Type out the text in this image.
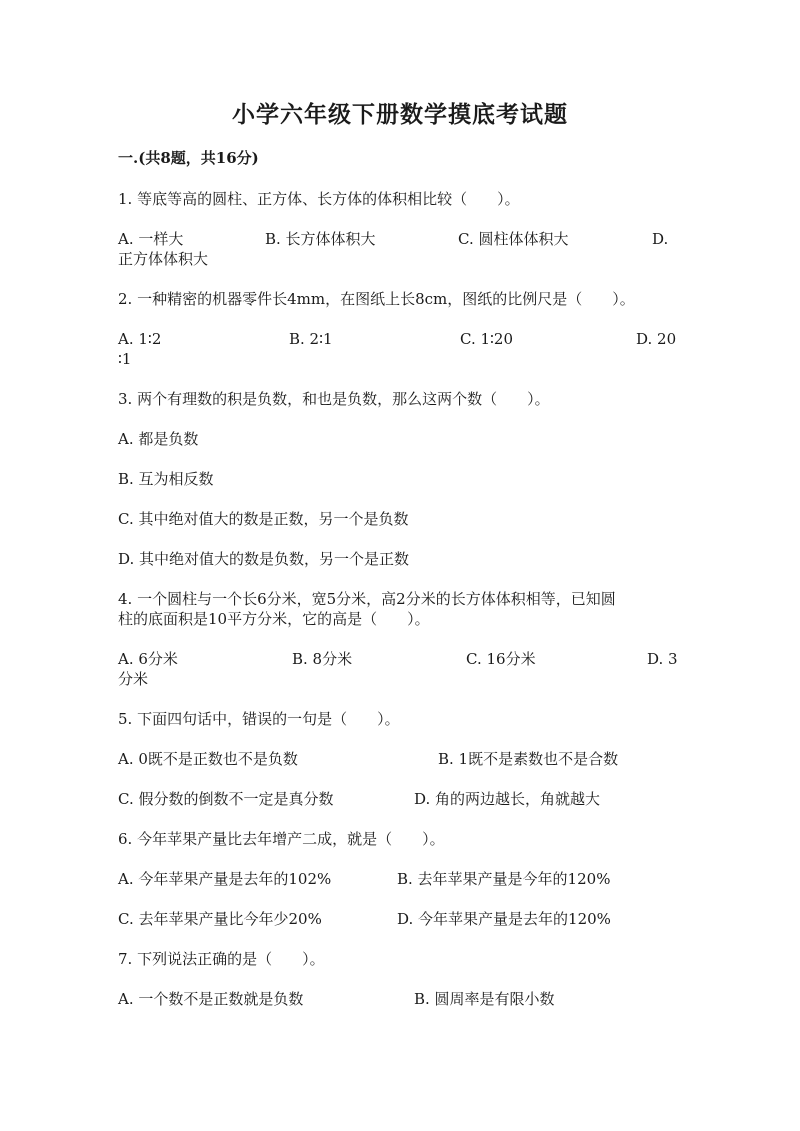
小学六年级下册数学摸底考试题
一.(共8题，共16分)
1. 等底等高的圆柱、正方体、长方体的体积相比较（　　）。
A. 一样大	B. 长方体体积大	C. 圆柱体体积大	D.
正方体体积大
2. 一种精密的机器零件长4mm，在图纸上长8cm，图纸的比例尺是（　　）。
A. 1∶2	B. 2∶1	C. 1∶20	D. 20
∶1
3. 两个有理数的积是负数，和也是负数，那么这两个数（　　）。
A. 都是负数
B. 互为相反数
C. 其中绝对值大的数是正数，另一个是负数
D. 其中绝对值大的数是负数，另一个是正数
4. 一个圆柱与一个长6分米，宽5分米，高2分米的长方体体积相等，已知圆
柱的底面积是10平方分米，它的高是（　　）。
A. 6分米	B. 8分米	C. 16分米	D. 3
分米
5. 下面四句话中，错误的一句是（　　）。
A. 0既不是正数也不是负数	B. 1既不是素数也不是合数
C. 假分数的倒数不一定是真分数	D. 角的两边越长，角就越大
6. 今年苹果产量比去年增产二成，就是（　　）。
A. 今年苹果产量是去年的102%	B. 去年苹果产量是今年的120%
C. 去年苹果产量比今年少20%	D. 今年苹果产量是去年的120%
7. 下列说法正确的是（　　）。
A. 一个数不是正数就是负数	B. 圆周率是有限小数
